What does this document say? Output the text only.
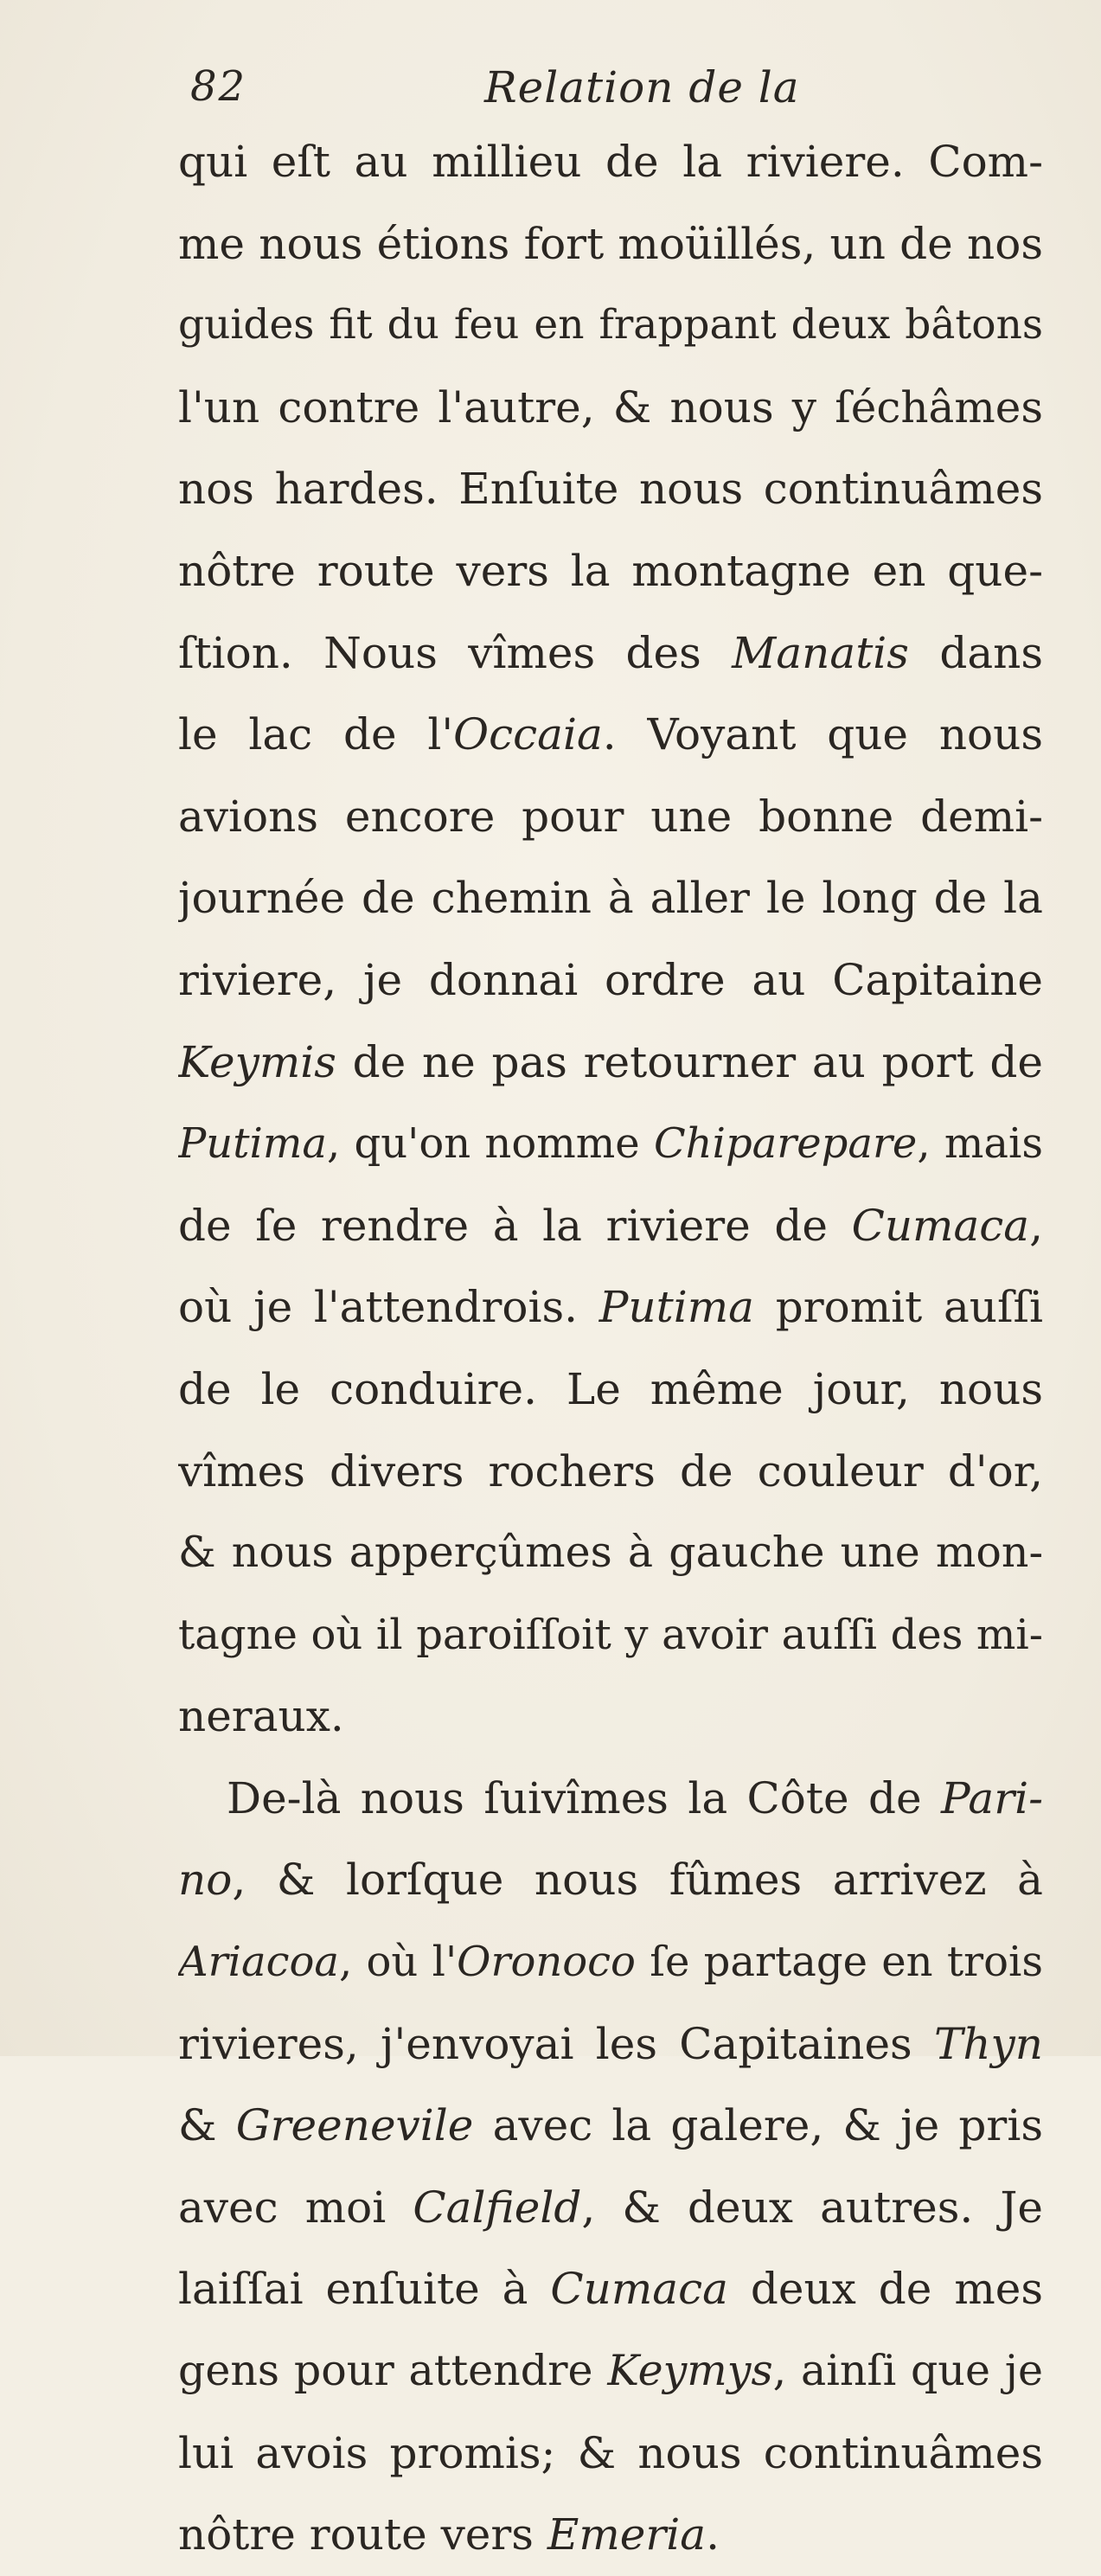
82	Relation de la
qui eſt au millieu de la riviere. Com-
me nous étions fort moüillés, un de nos
guides fit du feu en frappant deux bâtons
l'un contre l'autre, & nous y ſéchâmes
nos hardes. Enſuite nous continuâmes
nôtre route vers la montagne en que-
ſtion. Nous vîmes des Manatis dans
le lac de l'Occaia. Voyant que nous
avions encore pour une bonne demi-
journée de chemin à aller le long de la
riviere, je donnai ordre au Capitaine
Keymis de ne pas retourner au port de
Putima, qu'on nomme Chiparepare, mais
de ſe rendre à la riviere de Cumaca,
où je l'attendrois. Putima promit auſſi
de le conduire. Le même jour, nous
vîmes divers rochers de couleur d'or,
& nous apperçûmes à gauche une mon-
tagne où il paroiſſoit y avoir auſſi des mi-
neraux.
De-là nous ſuivîmes la Côte de Pari-
no, & lorſque nous fûmes arrivez à
Ariacoa, où l'Oronoco ſe partage en trois
rivieres, j'envoyai les Capitaines Thyn
& Greenevile avec la galere, & je pris
avec moi Calfield, & deux autres. Je
laiſſai enſuite à Cumaca deux de mes
gens pour attendre Keymys, ainſi que je
lui avois promis; & nous continuâmes
nôtre route vers Emeria.
